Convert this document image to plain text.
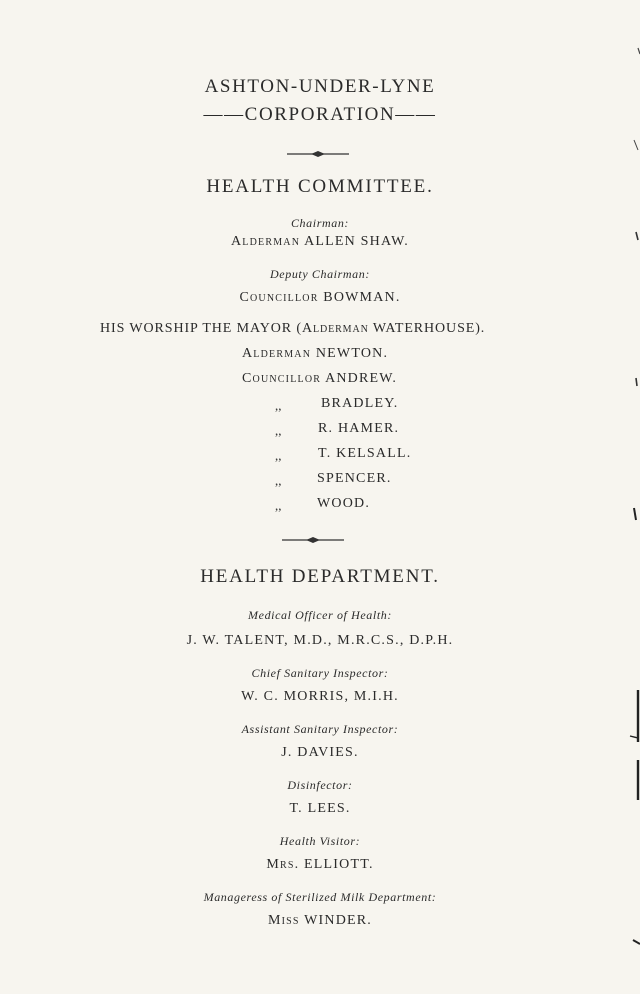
ASHTON-UNDER-LYNE
——CORPORATION——
HEALTH COMMITTEE.
Chairman:
Alderman ALLEN SHAW.
Deputy Chairman:
Councillor BOWMAN.
HIS WORSHIP THE MAYOR (Alderman WATERHOUSE).
Alderman NEWTON.
Councillor ANDREW.
,,	BRADLEY.
,,	R. HAMER.
,,	T. KELSALL.
,,	SPENCER.
,,	WOOD.
HEALTH DEPARTMENT.
Medical Officer of Health:
J. W. TALENT, M.D., M.R.C.S., D.P.H.
Chief Sanitary Inspector:
W. C. MORRIS, M.I.H.
Assistant Sanitary Inspector:
J. DAVIES.
Disinfector:
T. LEES.
Health Visitor:
Mrs. ELLIOTT.
Manageress of Sterilized Milk Department:
Miss WINDER.
